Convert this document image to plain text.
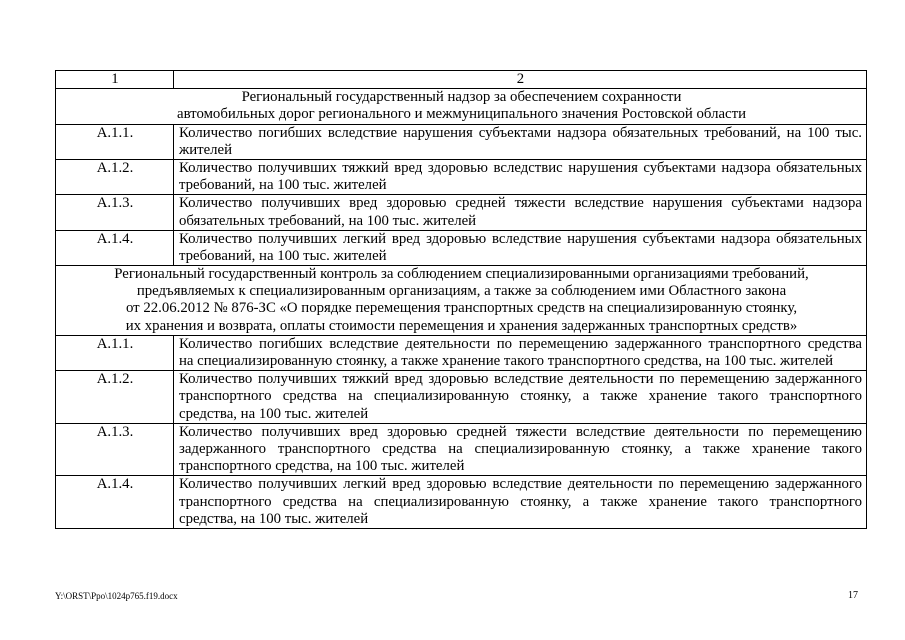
1	2

Региональный государственный надзор за обеспечением сохранности
автомобильных дорог регионального и межмуниципального значения Ростовской области	

А.1.1.	Количество погибших вследствие нарушения субъектами надзора обязательных требований, на 100 тыс.
жителей

А.1.2.	Количество получивших тяжкий вред здоровью вследствис нарушения субъектами надзора обязательных
требований, на 100 тыс. жителей

А.1.3.	Количество получивших вред здоровью средней тяжести вследствие нарушения субъектами надзора
обязательных требований, на 100 тыс. жителей

А.1.4.	Количество получивших легкий вред здоровью вследствие нарушения субъектами надзора обязательных
требований, на 100 тыс. жителей

Региональный государственный контроль за соблюдением специализированными организациями требований,
предъявляемых к специализированным организациям, а также за соблюдением ими Областного закона
от 22.06.2012 № 876-ЗС «О порядке перемещения транспортных средств на специализированную стоянку,
их хранения и возврата, оплаты стоимости перемещения и хранения задержанных транспортных средств»	

А.1.1.	Количество погибших вследствие деятельности по перемещению задержанного транспортного средства
на специализированную стоянку, а также хранение такого транспортного средства, на 100 тыс. жителей

А.1.2.	Количество получивших тяжкий вред здоровью вследствие деятельности по перемещению задержанного
транспортного средства на специализированную стоянку, а также хранение такого транспортного
средства, на 100 тыс. жителей

А.1.3.	Количество получивших вред здоровью средней тяжести вследствие деятельности по перемещению
задержанного транспортного средства на специализированную стоянку, а также хранение такого
транспортного средства, на 100 тыс. жителей

А.1.4.	Количество получивших легкий вред здоровью вследствие деятельности по перемещению задержанного
транспортного средства на специализированную стоянку, а также хранение такого транспортного
средства, на 100 тыс. жителей
Y:\ORST\Ppo\1024p765.f19.docx	17
